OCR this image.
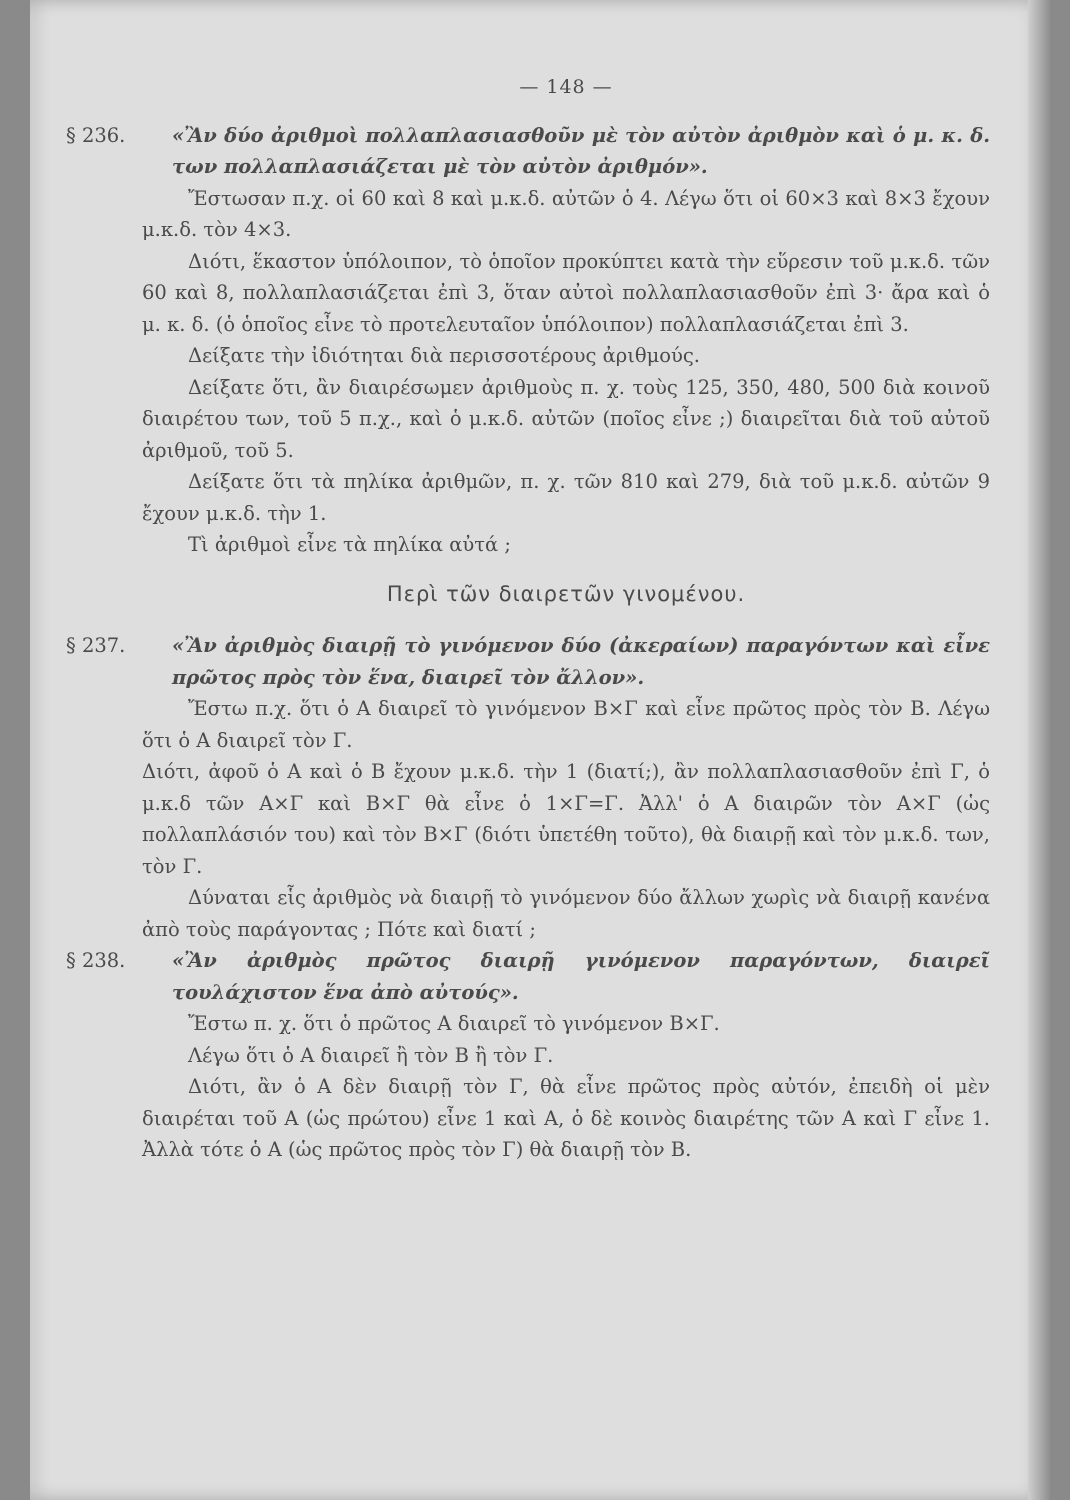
— 148 —
§ 236. «Ἂν δύο ἀριθμοὶ πολλαπλασιασθοῦν μὲ τὸν αὐτὸν ἀριθμὸν καὶ ὁ μ. κ. δ. των πολλαπλασιάζεται μὲ τὸν αὐτὸν ἀριθμόν».

Ἔστωσαν π.χ. οἱ 60 καὶ 8 καὶ μ.κ.δ. αὐτῶν ὁ 4. Λέγω ὅτι οἱ 60×3 καὶ 8×3 ἔχουν μ.κ.δ. τὸν 4×3.

Διότι, ἕκαστον ὑπόλοιπον, τὸ ὁποῖον προκύπτει κατὰ τὴν εὕρεσιν τοῦ μ.κ.δ. τῶν 60 καὶ 8, πολλαπλασιάζεται ἐπὶ 3, ὅταν αὐτοὶ πολλαπλασιασθοῦν ἐπὶ 3· ἄρα καὶ ὁ μ. κ. δ. (ὁ ὁποῖος εἶνε τὸ προτελευταῖον ὑπόλοιπον) πολλαπλασιάζεται ἐπὶ 3.

Δείξατε τὴν ἰδιότηται διὰ περισσοτέρους ἀριθμούς.

Δείξατε ὅτι, ἂν διαιρέσωμεν ἀριθμοὺς π. χ. τοὺς 125, 350, 480, 500 διὰ κοινοῦ διαιρέτου των, τοῦ 5 π.χ., καὶ ὁ μ.κ.δ. αὐτῶν (ποῖος εἶνε ;) διαιρεῖται διὰ τοῦ αὐτοῦ ἀριθμοῦ, τοῦ 5.

Δείξατε ὅτι τὰ πηλίκα ἀριθμῶν, π. χ. τῶν 810 καὶ 279, διὰ τοῦ μ.κ.δ. αὐτῶν 9 ἔχουν μ.κ.δ. τὴν 1.

Τὶ ἀριθμοὶ εἶνε τὰ πηλίκα αὐτά ;

Περὶ τῶν διαιρετῶν γινομένου.
§ 237. «Ἂν ἀριθμὸς διαιρῇ τὸ γινόμενον δύο (ἀκεραίων) παραγόντων καὶ εἶνε πρῶτος πρὸς τὸν ἕνα, διαιρεῖ τὸν ἄλλον».

Ἔστω π.χ. ὅτι ὁ Α διαιρεῖ τὸ γινόμενον Β×Γ καὶ εἶνε πρῶτος πρὸς τὸν Β. Λέγω ὅτι ὁ Α διαιρεῖ τὸν Γ.

Διότι, ἀφοῦ ὁ Α καὶ ὁ Β ἔχουν μ.κ.δ. τὴν 1 (διατί;), ἂν πολλαπλασιασθοῦν ἐπὶ Γ, ὁ μ.κ.δ τῶν Α×Γ καὶ Β×Γ θὰ εἶνε ὁ 1×Γ=Γ. Ἀλλ' ὁ Α διαιρῶν τὸν Α×Γ (ὡς πολλαπλάσιόν του) καὶ τὸν Β×Γ (διότι ὑπετέθη τοῦτο), θὰ διαιρῇ καὶ τὸν μ.κ.δ. των, τὸν Γ.

Δύναται εἷς ἀριθμὸς νὰ διαιρῇ τὸ γινόμενον δύο ἄλλων χωρὶς νὰ διαιρῇ κανένα ἀπὸ τοὺς παράγοντας ; Πότε καὶ διατί ;

§ 238. «Ἂν ἀριθμὸς πρῶτος διαιρῇ γινόμενον παραγόντων, διαιρεῖ τουλάχιστον ἕνα ἀπὸ αὐτούς».

Ἔστω π. χ. ὅτι ὁ πρῶτος Α διαιρεῖ τὸ γινόμενον Β×Γ.

Λέγω ὅτι ὁ Α διαιρεῖ ἢ τὸν Β ἢ τὸν Γ.

Διότι, ἂν ὁ Α δὲν διαιρῇ τὸν Γ, θὰ εἶνε πρῶτος πρὸς αὐτόν, ἐπειδὴ οἱ μὲν διαιρέται τοῦ Α (ὡς πρώτου) εἶνε 1 καὶ Α, ὁ δὲ κοινὸς διαιρέτης τῶν Α καὶ Γ εἶνε 1. Ἀλλὰ τότε ὁ Α (ὡς πρῶτος πρὸς τὸν Γ) θὰ διαιρῇ τὸν Β.
